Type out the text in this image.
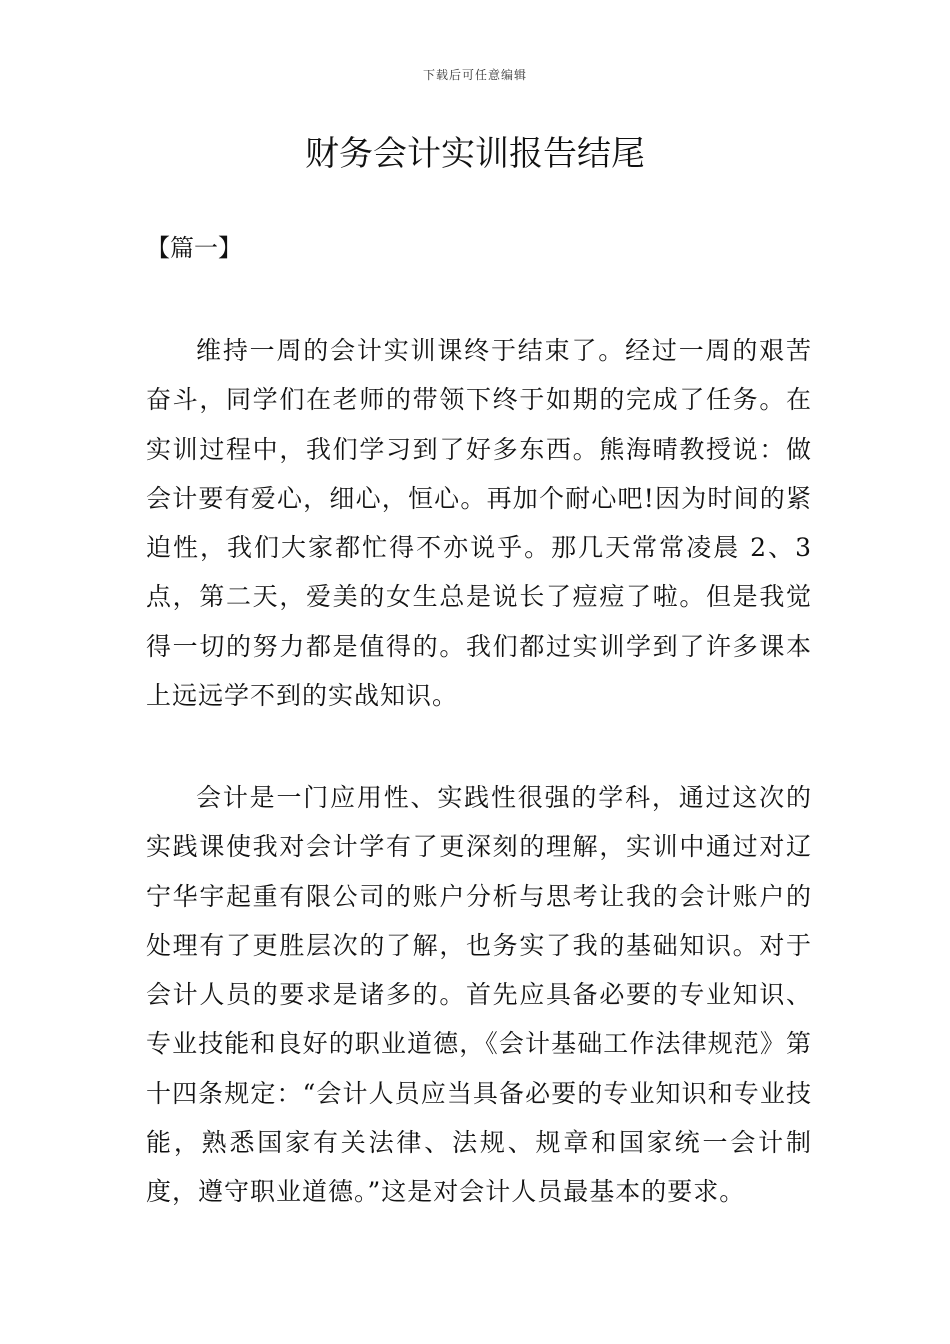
下载后可任意编辑
财务会计实训报告结尾
【篇一】

维持一周的会计实训课终于结束了。经过一周的艰苦奋斗，同学们在老师的带领下终于如期的完成了任务。在实训过程中，我们学习到了好多东西。熊海晴教授说：做会计要有爱心，细心，恒心。再加个耐心吧!因为时间的紧迫性，我们大家都忙得不亦说乎。那几天常常凌晨 2、3 点，第二天，爱美的女生总是说长了痘痘了啦。但是我觉得一切的努力都是值得的。我们都过实训学到了许多课本上远远学不到的实战知识。

会计是一门应用性、实践性很强的学科，通过这次的实践课使我对会计学有了更深刻的理解，实训中通过对辽宁华宇起重有限公司的账户分析与思考让我的会计账户的处理有了更胜层次的了解，也务实了我的基础知识。对于会计人员的要求是诸多的。首先应具备必要的专业知识、专业技能和良好的职业道德，《会计基础工作法律规范》第十四条规定：“会计人员应当具备必要的专业知识和专业技能，熟悉国家有关法律、法规、规章和国家统一会计制度，遵守职业道德。”这是对会计人员最基本的要求。
